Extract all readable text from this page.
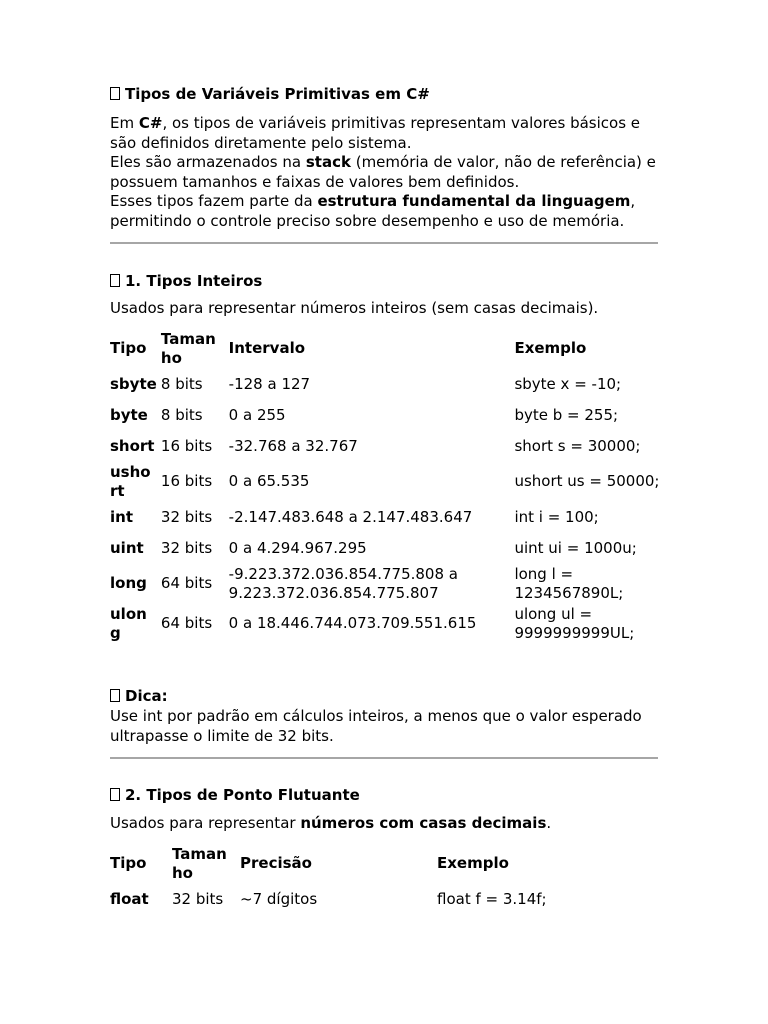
Tipos de Variáveis Primitivas em C#
Em C#, os tipos de variáveis primitivas representam valores básicos e são definidos diretamente pelo sistema.
Eles são armazenados na stack (memória de valor, não de referência) e possuem tamanhos e faixas de valores bem definidos.
Esses tipos fazem parte da estrutura fundamental da linguagem, permitindo o controle preciso sobre desempenho e uso de memória.
1. Tipos Inteiros
Usados para representar números inteiros (sem casas decimais).
Tipo	Taman ho	Intervalo	Exemplo
sbyte	8 bits	-128 a 127	sbyte x = -10;
byte	8 bits	0 a 255	byte b = 255;
short	16 bits	-32.768 a 32.767	short s = 30000;
usho rt	16 bits	0 a 65.535	ushort us = 50000;
int	32 bits	-2.147.483.648 a 2.147.483.647	int i = 100;
uint	32 bits	0 a 4.294.967.295	uint ui = 1000u;
long	64 bits	-9.223.372.036.854.775.808 a 9.223.372.036.854.775.807	long l = 1234567890L;
ulon g	64 bits	0 a 18.446.744.073.709.551.615	ulong ul = 9999999999UL;
Dica:
Use int por padrão em cálculos inteiros, a menos que o valor esperado ultrapasse o limite de 32 bits.
2. Tipos de Ponto Flutuante
Usados para representar números com casas decimais.
Tipo	Taman ho	Precisão	Exemplo
float	32 bits	~7 dígitos	float f = 3.14f;
